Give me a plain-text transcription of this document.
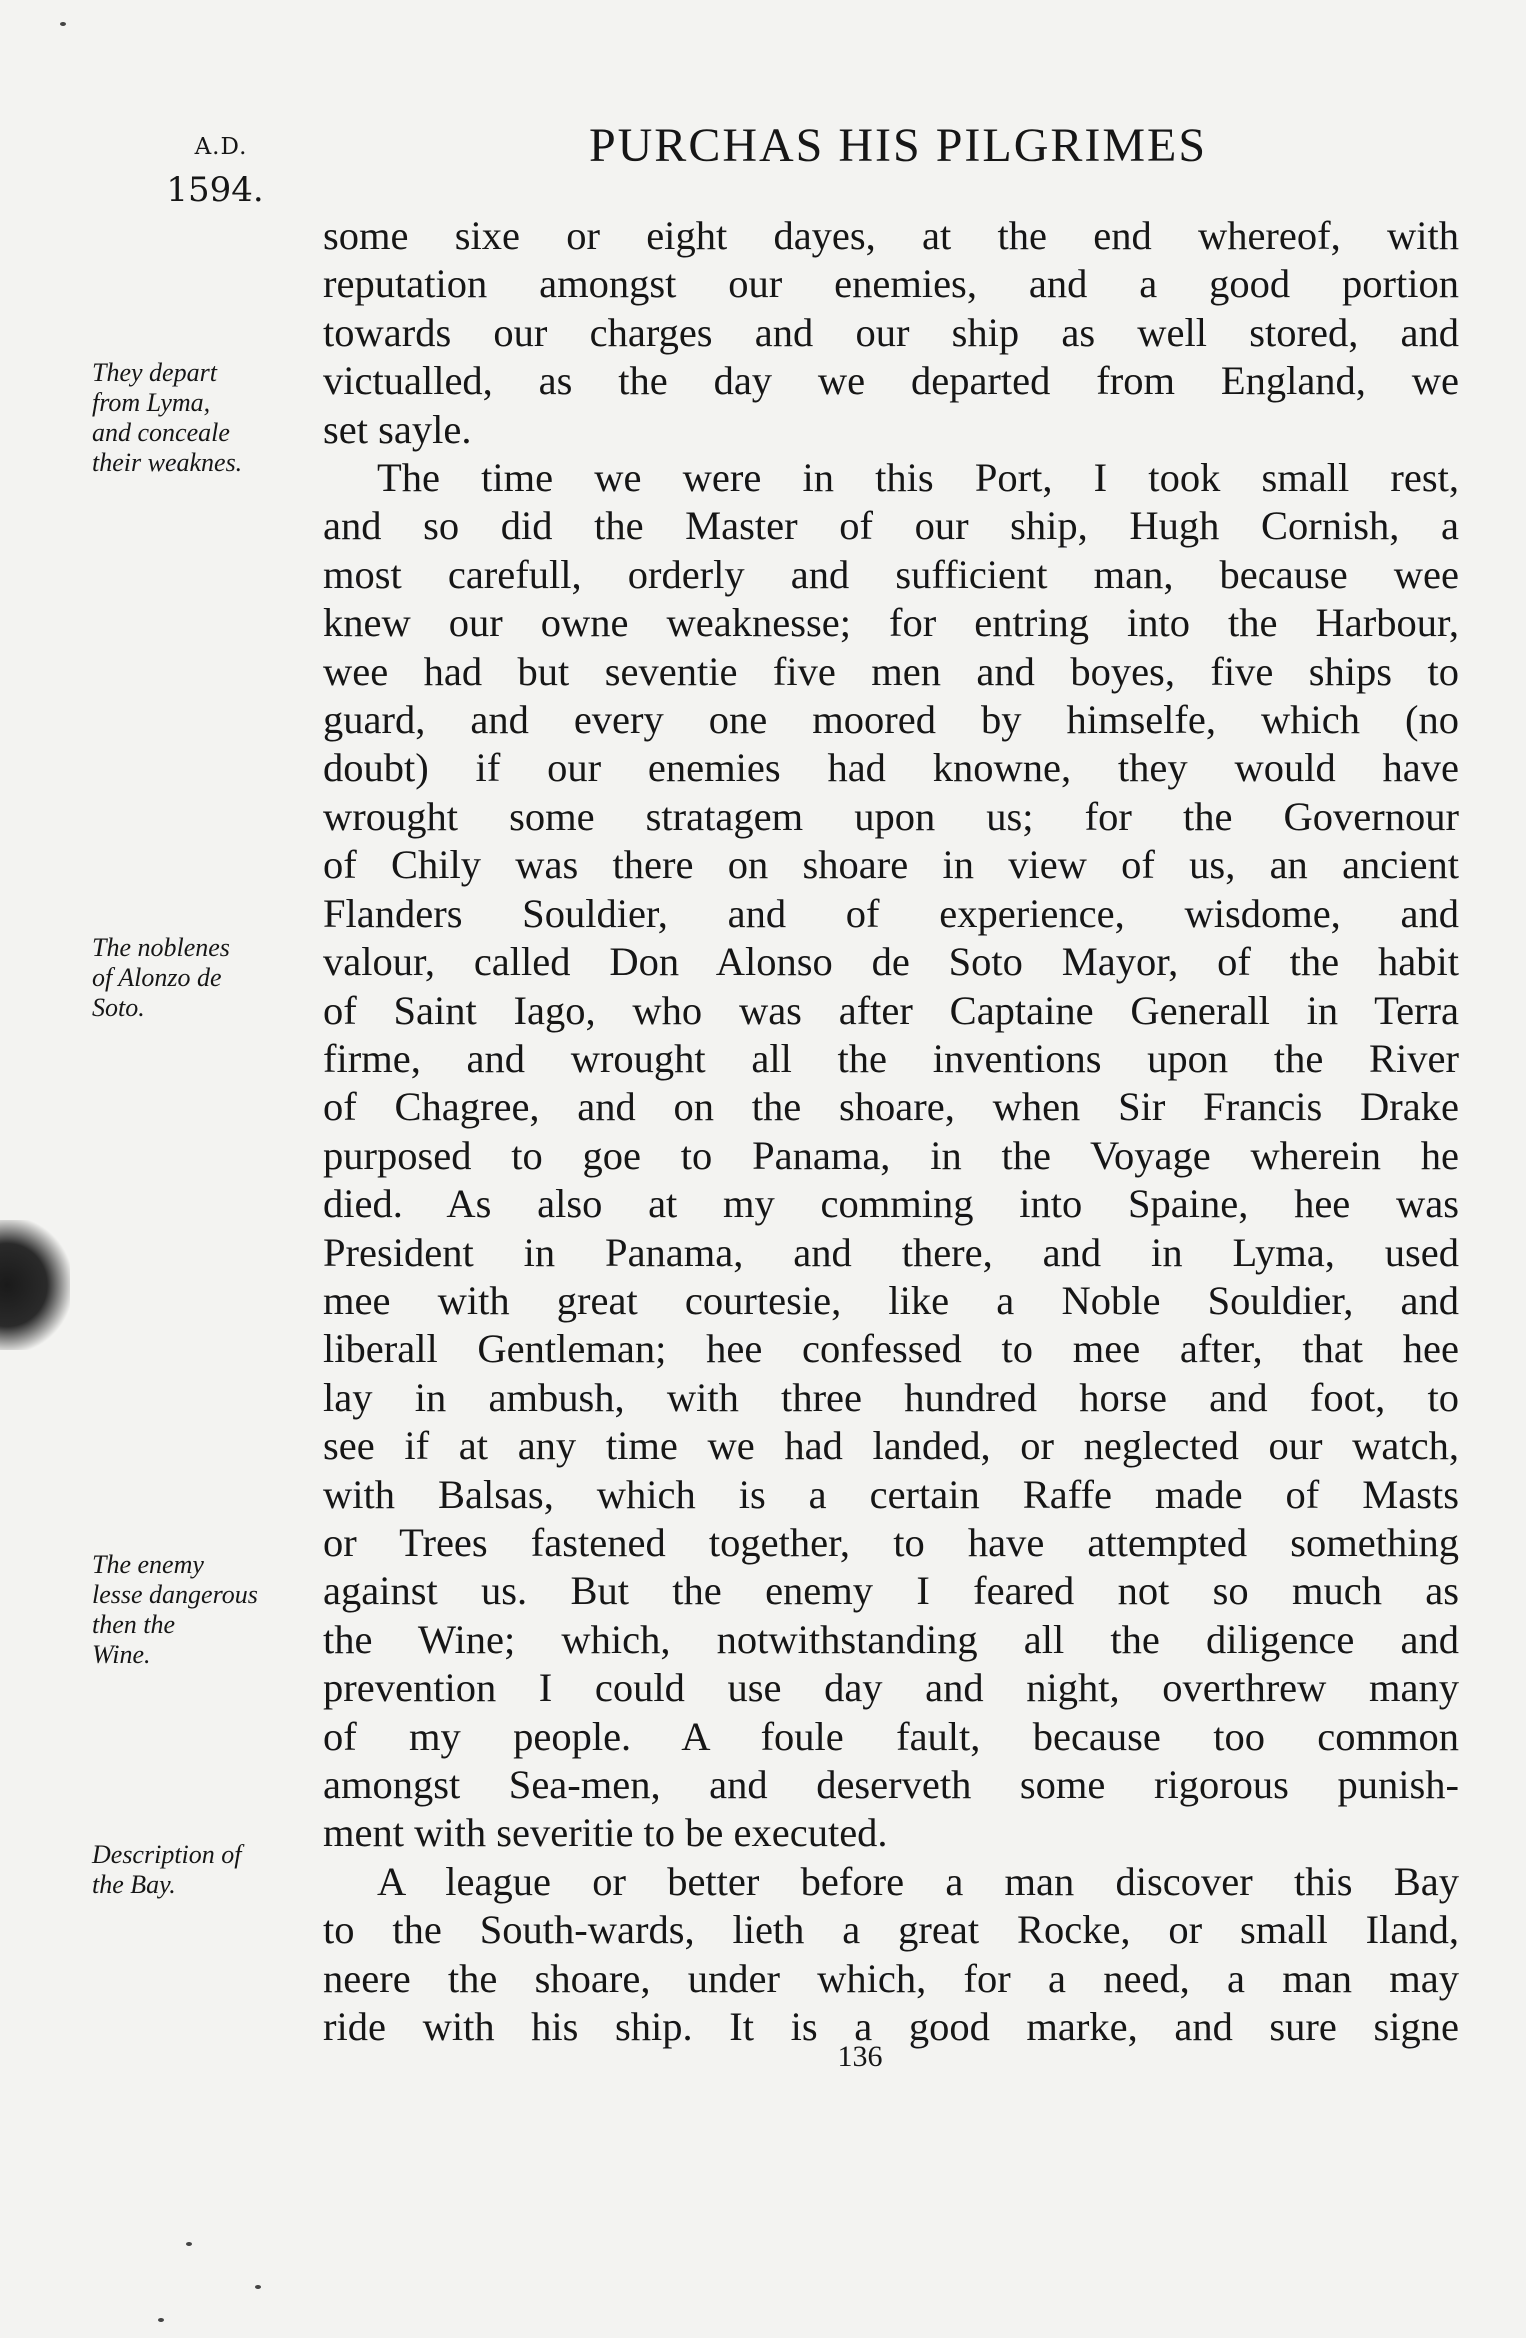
A.D.
1594.
PURCHAS HIS PILGRIMES
They depart
from Lyma,
and conceale
their weaknes.
The noblenes
of Alonzo de
Soto.
The enemy
lesse dangerous
then the
Wine.
Description of
the Bay.
some sixe or eight dayes, at the end whereof, with
reputation amongst our enemies, and a good portion
towards our charges and our ship as well stored, and
victualled, as the day we departed from England, we
set sayle.
The time we were in this Port, I took small rest,
and so did the Master of our ship, Hugh Cornish, a
most carefull, orderly and sufficient man, because wee
knew our owne weaknesse; for entring into the Harbour,
wee had but seventie five men and boyes, five ships to
guard, and every one moored by himselfe, which (no
doubt) if our enemies had knowne, they would have
wrought some stratagem upon us; for the Governour
of Chily was there on shoare in view of us, an ancient
Flanders Souldier, and of experience, wisdome, and
valour, called Don Alonso de Soto Mayor, of the habit
of Saint Iago, who was after Captaine Generall in Terra
firme, and wrought all the inventions upon the River
of Chagree, and on the shoare, when Sir Francis Drake
purposed to goe to Panama, in the Voyage wherein he
died. As also at my comming into Spaine, hee was
President in Panama, and there, and in Lyma, used
mee with great courtesie, like a Noble Souldier, and
liberall Gentleman; hee confessed to mee after, that hee
lay in ambush, with three hundred horse and foot, to
see if at any time we had landed, or neglected our watch,
with Balsas, which is a certain Raffe made of Masts
or Trees fastened together, to have attempted something
against us. But the enemy I feared not so much as
the Wine; which, notwithstanding all the diligence and
prevention I could use day and night, overthrew many
of my people. A foule fault, because too common
amongst Sea-men, and deserveth some rigorous punish-
ment with severitie to be executed.
A league or better before a man discover this Bay
to the South-wards, lieth a great Rocke, or small Iland,
neere the shoare, under which, for a need, a man may
ride with his ship. It is a good marke, and sure signe
136
